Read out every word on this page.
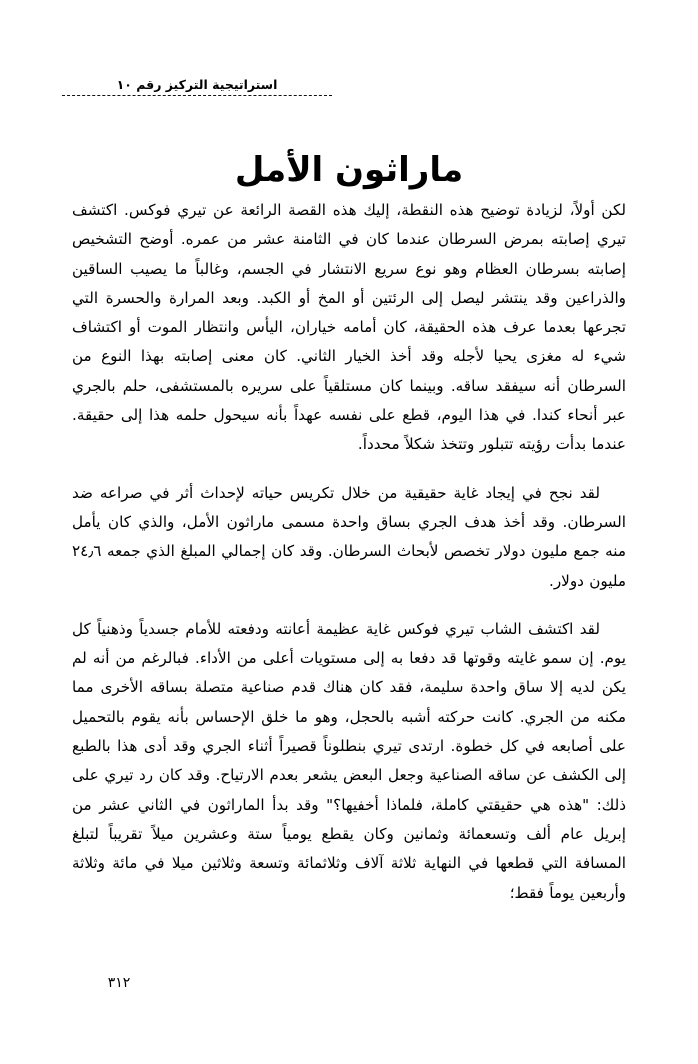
استراتيجية التركيز رقم ١٠
ماراثون الأمل

لكن أولاً، لزيادة توضيح هذه النقطة، إليك هذه القصة الرائعة عن تيري فوكس. اكتشف تيري إصابته بمرض السرطان عندما كان في الثامنة عشر من عمره. أوضح التشخيص إصابته بسرطان العظام وهو نوع سريع الانتشار في الجسم، وغالباً ما يصيب الساقين والذراعين وقد ينتشر ليصل إلى الرئتين أو المخ أو الكبد. وبعد المرارة والحسرة التي تجرعها بعدما عرف هذه الحقيقة، كان أمامه خياران، اليأس وانتظار الموت أو اكتشاف شيء له مغزى يحيا لأجله وقد أخذ الخيار الثاني. كان معنى إصابته بهذا النوع من السرطان أنه سيفقد ساقه. وبينما كان مستلقياً على سريره بالمستشفى، حلم بالجري عبر أنحاء كندا. في هذا اليوم، قطع على نفسه عهداً بأنه سيحول حلمه هذا إلى حقيقة. عندما بدأت رؤيته تتبلور وتتخذ شكلاً محدداً.

لقد نجح في إيجاد غاية حقيقية من خلال تكريس حياته لإحداث أثر في صراعه ضد السرطان. وقد أخذ هدف الجري بساق واحدة مسمى ماراثون الأمل، والذي كان يأمل منه جمع مليون دولار تخصص لأبحاث السرطان. وقد كان إجمالي المبلغ الذي جمعه ٢٤٫٦ مليون دولار.

لقد اكتشف الشاب تيري فوكس غاية عظيمة أعانته ودفعته للأمام جسدياً وذهنياً كل يوم. إن سمو غايته وقوتها قد دفعا به إلى مستويات أعلى من الأداء. فبالرغم من أنه لم يكن لديه إلا ساق واحدة سليمة، فقد كان هناك قدم صناعية متصلة بساقه الأخرى مما مكنه من الجري. كانت حركته أشبه بالحجل، وهو ما خلق الإحساس بأنه يقوم بالتحميل على أصابعه في كل خطوة. ارتدى تيري بنطلوناً قصيراً أثناء الجري وقد أدى هذا بالطبع إلى الكشف عن ساقه الصناعية وجعل البعض يشعر بعدم الارتياح. وقد كان رد تيري على ذلك: "هذه هي حقيقتي كاملة، فلماذا أخفيها؟" وقد بدأ الماراثون في الثاني عشر من إبريل عام ألف وتسعمائة وثمانين وكان يقطع يومياً ستة وعشرين ميلاً تقريباً لتبلغ المسافة التي قطعها في النهاية ثلاثة آلاف وثلاثمائة وتسعة وثلاثين ميلا في مائة وثلاثة وأربعين يوماً فقط؛

٣١٢
